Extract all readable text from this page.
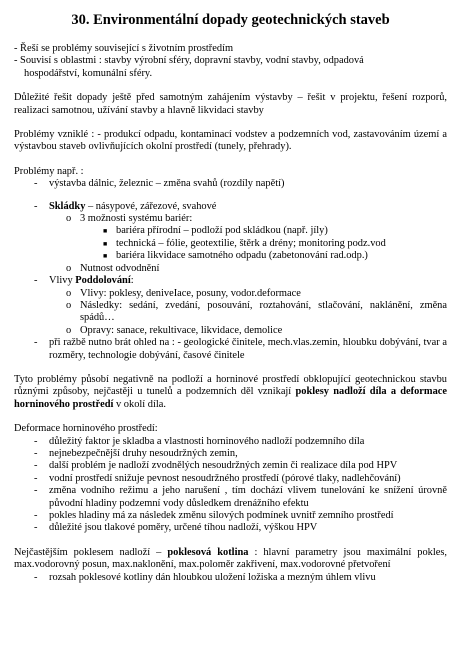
30. Environmentální dopady geotechnických staveb

- Řeší se problémy související s životním prostředím

- Souvisí s oblastmi : stavby výrobní sféry, dopravní stavby, vodní stavby, odpadová

hospodářství, komunální sféry.

Důležité řešit dopady ještě před samotným zahájením výstavby – řešit v projektu, řešení rozporů, realizaci samotnou, užívání stavby a hlavně likvidaci stavby

Problémy vzniklé : - produkcí odpadu, kontaminací vodstev a podzemních vod, zastavováním území a výstavbou staveb ovlivňujících okolní prostředí (tunely, přehrady).

Problémy např. :

- výstavba dálnic, železnic – změna svahů (rozdíly napětí)
- Skládky – násypové, zářezové, svahové
o 3 možnosti systému bariér:
■ bariéra přírodní – podloží pod skládkou (např. jíly)
■ technická – fólie, geotextilie, štěrk a drény; monitoring podz.vod
■ bariéra likvidace samotného odpadu (zabetonování rad.odp.)
o Nutnost odvodnění
- Vlivy Poddolování:
o Vlivy: poklesy, deniveIace, posuny, vodor.deformace
o Následky: sedání, zvedání, posouvání, roztahování, stlačování, naklánění, změna spádů…
o Opravy: sanace, rekultivace, likvidace, demolice
- při ražbě nutno brát ohled na : - geologické činitele, mech.vlas.zemin, hloubku dobývání, tvar a rozměry, technologie dobývání, časové činitele

Tyto problémy působí negativně na podloží a horninové prostředí obklopující geotechnickou stavbu různými způsoby, nejčastěji u tunelů a podzemních děl vznikají poklesy nadloží díla a deformace horninového prostředí v okolí díla.

Deformace horninového prostředí:

- důležitý faktor je skladba a vlastnosti horninového nadloží podzemního díla
- nejnebezpečnější druhy nesoudržných zemin,
- další problém je nadloží zvodnělých nesoudržných zemin či realizace díla pod HPV
- vodní prostředí snižuje pevnost nesoudržného prostředí (pórové tlaky, nadlehčování)
- změna vodního režimu a jeho narušení , tím dochází vlivem tunelování ke snížení úrovně původní hladiny podzemní vody důsledkem drenážního efektu
- pokles hladiny má za následek změnu silových podmínek uvnitř zemního prostředí
- důležité jsou tlakové poměry, určené tíhou nadloží, výškou HPV

Nejčastějším poklesem nadloží – poklesová kotlina : hlavní parametry jsou maximální pokles, max.vodorovný posun, max.naklonění, max.poloměr zakřivení, max.vodorovné přetvoření

- rozsah poklesové kotliny dán hloubkou uložení ložiska a mezným úhlem vlivu
